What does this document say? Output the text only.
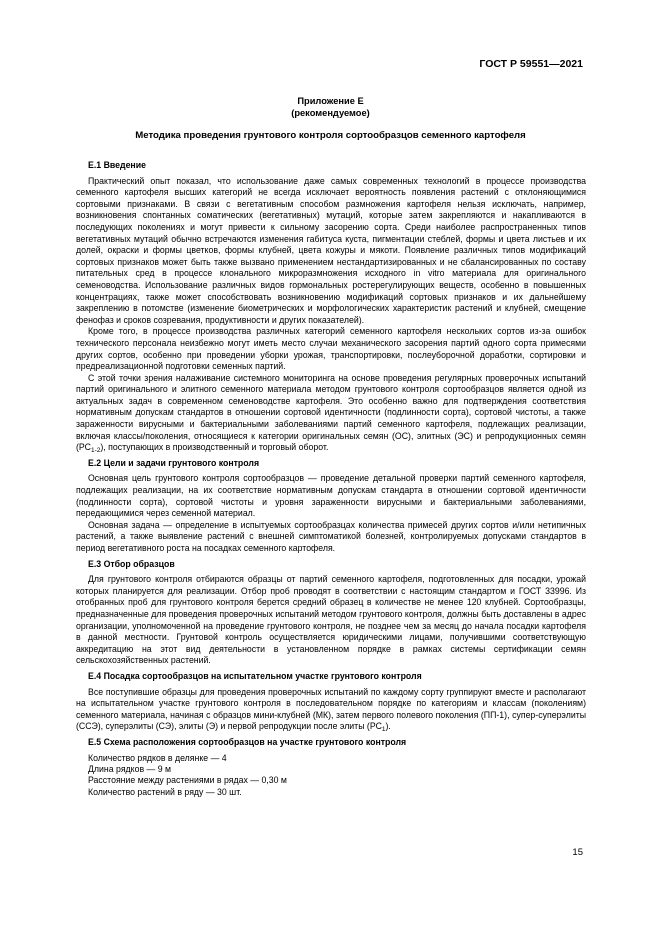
ГОСТ Р 59551—2021
Приложение Е
(рекомендуемое)
Методика проведения грунтового контроля сортообразцов семенного картофеля
Е.1 Введение

Практический опыт показал, что использование даже самых современных технологий в процессе производства семенного картофеля высших категорий не всегда исключает вероятность появления растений с отклоняющимися сортовыми признаками. В связи с вегетативным способом размножения картофеля нельзя исключать, например, возникновения спонтанных соматических (вегетативных) мутаций, которые затем закрепляются и накапливаются в последующих поколениях и могут привести к сильному засорению сорта. Среди наиболее распространенных типов вегетативных мутаций обычно встречаются изменения габитуса куста, пигментации стеблей, формы и цвета листьев и их долей, окраски и формы цветков, формы клубней, цвета кожуры и мякоти. Появление различных типов модификаций сортовых признаков может быть также вызвано применением нестандартизированных и не сбалансированных по составу питательных сред в процессе клонального микроразмножения исходного in vitro материала для оригинального семеноводства. Использование различных видов гормональных ростерегулирующих веществ, особенно в повышенных концентрациях, также может способствовать возникновению модификаций сортовых признаков и их дальнейшему закреплению в потомстве (изменение биометрических и морфологических характеристик растений и клубней, смещение фенофаз и сроков созревания, продуктивности и других показателей).

Кроме того, в процессе производства различных категорий семенного картофеля нескольких сортов из-за ошибок технического персонала неизбежно могут иметь место случаи механического засорения партий одного сорта примесями других сортов, особенно при проведении уборки урожая, транспортировки, послеуборочной доработки, сортировки и предреализационной подготовки семенных партий.

С этой точки зрения налаживание системного мониторинга на основе проведения регулярных проверочных испытаний партий оригинального и элитного семенного материала методом грунтового контроля сортообразцов является одной из актуальных задач в современном семеноводстве картофеля. Это особенно важно для подтверждения соответствия нормативным допускам стандартов в отношении сортовой идентичности (подлинности сорта), сортовой чистоты, а также зараженности вирусными и бактериальными заболеваниями партий семенного картофеля, подлежащих реализации, включая классы/поколения, относящиеся к категории оригинальных семян (ОС), элитных (ЭС) и репродукционных семян $(РС_{1-2})$, поступающих в производственный и торговый оборот.

Е.2 Цели и задачи грунтового контроля

Основная цель грунтового контроля сортообразцов — проведение детальной проверки партий семенного картофеля, подлежащих реализации, на их соответствие нормативным допускам стандарта в отношении сортовой идентичности (подлинности сорта), сортовой чистоты и уровня зараженности вирусными и бактериальными заболеваниями, передающимися через семенной материал.

Основная задача — определение в испытуемых сортообразцах количества примесей других сортов и/или нетипичных растений, а также выявление растений с внешней симптоматикой болезней, контролируемых допусками стандартов в период вегетативного роста на посадках семенного картофеля.

Е.3 Отбор образцов

Для грунтового контроля отбираются образцы от партий семенного картофеля, подготовленных для посадки, урожай которых планируется для реализации. Отбор проб проводят в соответствии с настоящим стандартом и ГОСТ 33996. Из отобранных проб для грунтового контроля берется средний образец в количестве не менее 120 клубней. Сортообразцы, предназначенные для проведения проверочных испытаний методом грунтового контроля, должны быть доставлены в адрес организации, уполномоченной на проведение грунтового контроля, не позднее чем за месяц до начала посадки картофеля в данной местности. Грунтовой контроль осуществляется юридическими лицами, получившими соответствующую аккредитацию на этот вид деятельности в установленном порядке в рамках системы сертификации семян сельскохозяйственных растений.

Е.4 Посадка сортообразцов на испытательном участке грунтового контроля

Все поступившие образцы для проведения проверочных испытаний по каждому сорту группируют вместе и располагают на испытательном участке грунтового контроля в последовательном порядке по категориям и классам (поколениям) семенного материала, начиная с образцов мини-клубней (МК), затем первого полевого поколения (ПП-1), супер-суперэлиты (ССЭ), суперэлиты (СЭ), элиты (Э) и первой репродукции после элиты $(РС_1)$.

Е.5 Схема расположения сортообразцов на участке грунтового контроля
Количество рядков в делянке — 4
Длина рядков — 9 м
Расстояние между растениями в рядах — 0,30 м
Количество растений в ряду — 30 шт.
15
